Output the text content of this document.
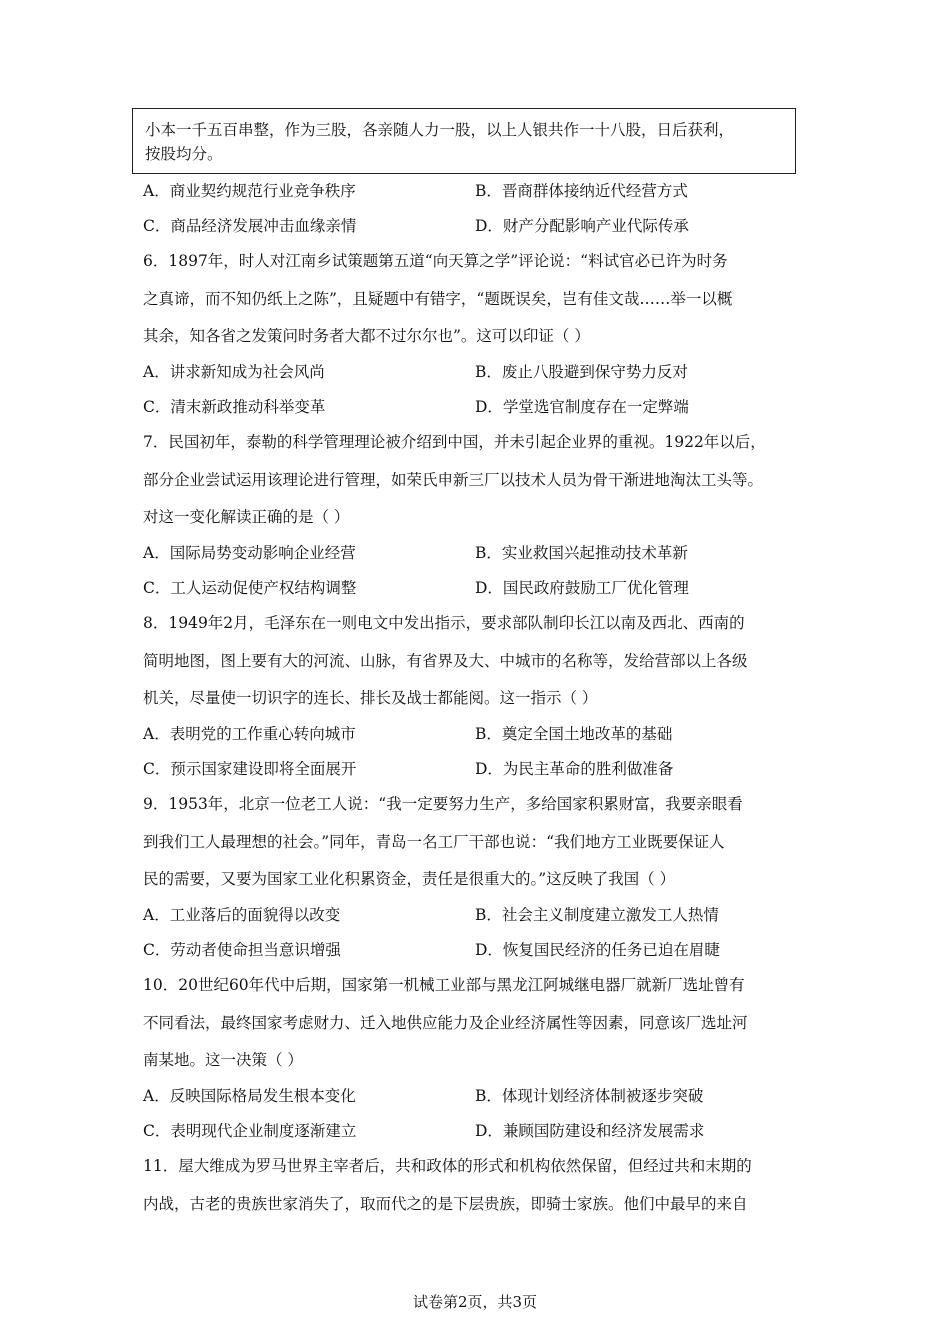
小本一千五百串整，作为三股，各亲随人力一股，以上人银共作一十八股，日后获利，
按股均分。
A．商业契约规范行业竞争秩序	B．晋商群体接纳近代经营方式
C．商品经济发展冲击血缘亲情	D．财产分配影响产业代际传承
6．1897年，时人对江南乡试策题第五道“向天算之学”评论说：“料试官必已许为时务
之真谛，而不知仍纸上之陈”，且疑题中有错字，“题既误矣，岂有佳文哉……举一以概
其余，知各省之发策问时务者大都不过尔尔也”。这可以印证（ ）
A．讲求新知成为社会风尚	B．废止八股避到保守势力反对
C．清末新政推动科举变革	D．学堂选官制度存在一定弊端
7．民国初年，泰勒的科学管理理论被介绍到中国，并未引起企业界的重视。1922年以后，
部分企业尝试运用该理论进行管理，如荣氏申新三厂以技术人员为骨干渐进地淘汰工头等。
对这一变化解读正确的是（ ）
A．国际局势变动影响企业经营	B．实业救国兴起推动技术革新
C．工人运动促使产权结构调整	D．国民政府鼓励工厂优化管理
8．1949年2月，毛泽东在一则电文中发出指示，要求部队制印长江以南及西北、西南的
简明地图，图上要有大的河流、山脉，有省界及大、中城市的名称等，发给营部以上各级
机关，尽量使一切识字的连长、排长及战士都能阅。这一指示（ ）
A．表明党的工作重心转向城市	B．奠定全国土地改革的基础
C．预示国家建设即将全面展开	D．为民主革命的胜利做准备
9．1953年，北京一位老工人说：“我一定要努力生产，多给国家积累财富，我要亲眼看
到我们工人最理想的社会。”同年，青岛一名工厂干部也说：“我们地方工业既要保证人
民的需要，又要为国家工业化积累资金，责任是很重大的。”这反映了我国（ ）
A．工业落后的面貌得以改变	B．社会主义制度建立激发工人热情
C．劳动者使命担当意识增强	D．恢复国民经济的任务已迫在眉睫
10．20世纪60年代中后期，国家第一机械工业部与黑龙江阿城继电器厂就新厂选址曾有
不同看法，最终国家考虑财力、迁入地供应能力及企业经济属性等因素，同意该厂选址河
南某地。这一决策（ ）
A．反映国际格局发生根本变化	B．体现计划经济体制被逐步突破
C．表明现代企业制度逐渐建立	D．兼顾国防建设和经济发展需求
11．屋大维成为罗马世界主宰者后，共和政体的形式和机构依然保留，但经过共和末期的
内战，古老的贵族世家消失了，取而代之的是下层贵族，即骑士家族。他们中最早的来自
试卷第2页，共3页
